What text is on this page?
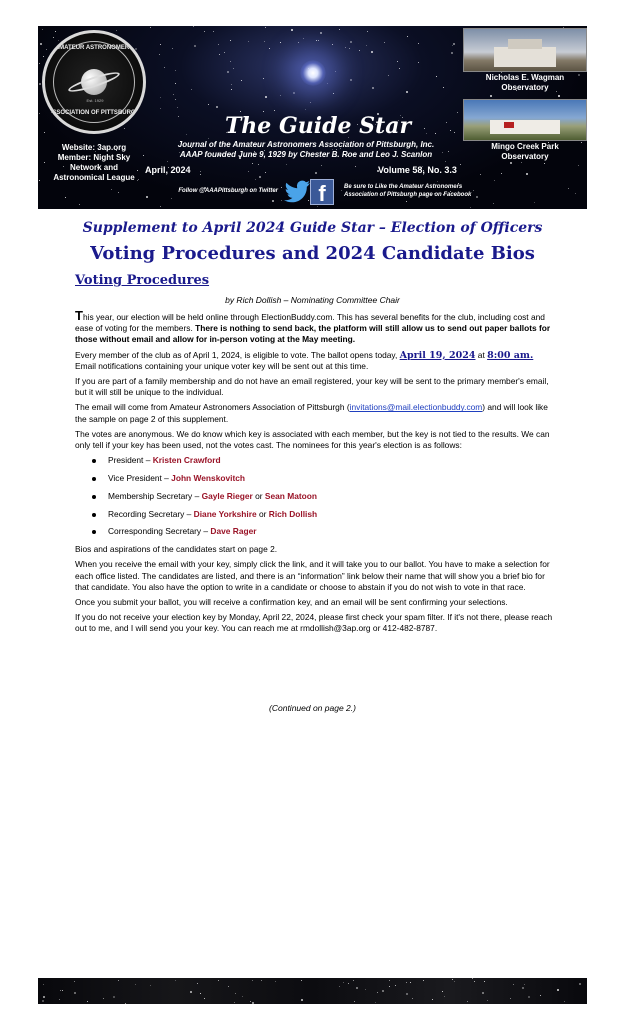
AMATEUR ASTRONOMERS
Est. 1929
ASSOCIATION OF PITTSBURGH
Website: 3ap.org
Member: Night Sky
Network and
Astronomical League
Nicholas E. Wagman
Observatory
Mingo Creek Park
Observatory
The Guide Star
Journal of the Amateur Astronomers Association of Pittsburgh, Inc.
AAAP founded June 9, 1929 by Chester B. Roe and Leo J. Scanlon
April, 2024	Volume 58, No. 3.3
Follow @AAAPittsburgh on Twitter	f	Be sure to Like the Amateur Astronomers
Association of Pittsburgh page on Facebook
Supplement to April 2024 Guide Star – Election of Officers
Voting Procedures and 2024 Candidate Bios
Voting Procedures
by Rich Dollish – Nominating Committee Chair

This year, our election will be held online through ElectionBuddy.com. This has several benefits for the club, including cost and ease of voting for the members. There is nothing to send back, the platform will still allow us to send out paper ballots for those without email and allow for in-person voting at the May meeting.

Every member of the club as of April 1, 2024, is eligible to vote. The ballot opens today, April 19, 2024 at 8:00 am. Email notifications containing your unique voter key will be sent out at this time.

If you are part of a family membership and do not have an email registered, your key will be sent to the primary member's email, but it will still be unique to the individual.

The email will come from Amateur Astronomers Association of Pittsburgh (invitations@mail.electionbuddy.com) and will look like the sample on page 2 of this supplement.

The votes are anonymous. We do know which key is associated with each member, but the key is not tied to the results. We can only tell if your key has been used, not the votes cast. The nominees for this year's election is as follows:

President – Kristen Crawford
Vice President – John Wenskovitch
Membership Secretary – Gayle Rieger or Sean Matoon
Recording Secretary – Diane Yorkshire or Rich Dollish
Corresponding Secretary – Dave Rager

Bios and aspirations of the candidates start on page 2.

When you receive the email with your key, simply click the link, and it will take you to our ballot. You have to make a selection for each office listed. The candidates are listed, and there is an “information” link below their name that will show you a brief bio for that candidate. You also have the option to write in a candidate or choose to abstain if you do not wish to vote in that race.

Once you submit your ballot, you will receive a confirmation key, and an email will be sent confirming your selections.

If you do not receive your election key by Monday, April 22, 2024, please first check your spam filter. If it's not there, please reach out to me, and I will send you your key. You can reach me at rmdollish@3ap.org or 412-482-8787.

(Continued on page 2.)
